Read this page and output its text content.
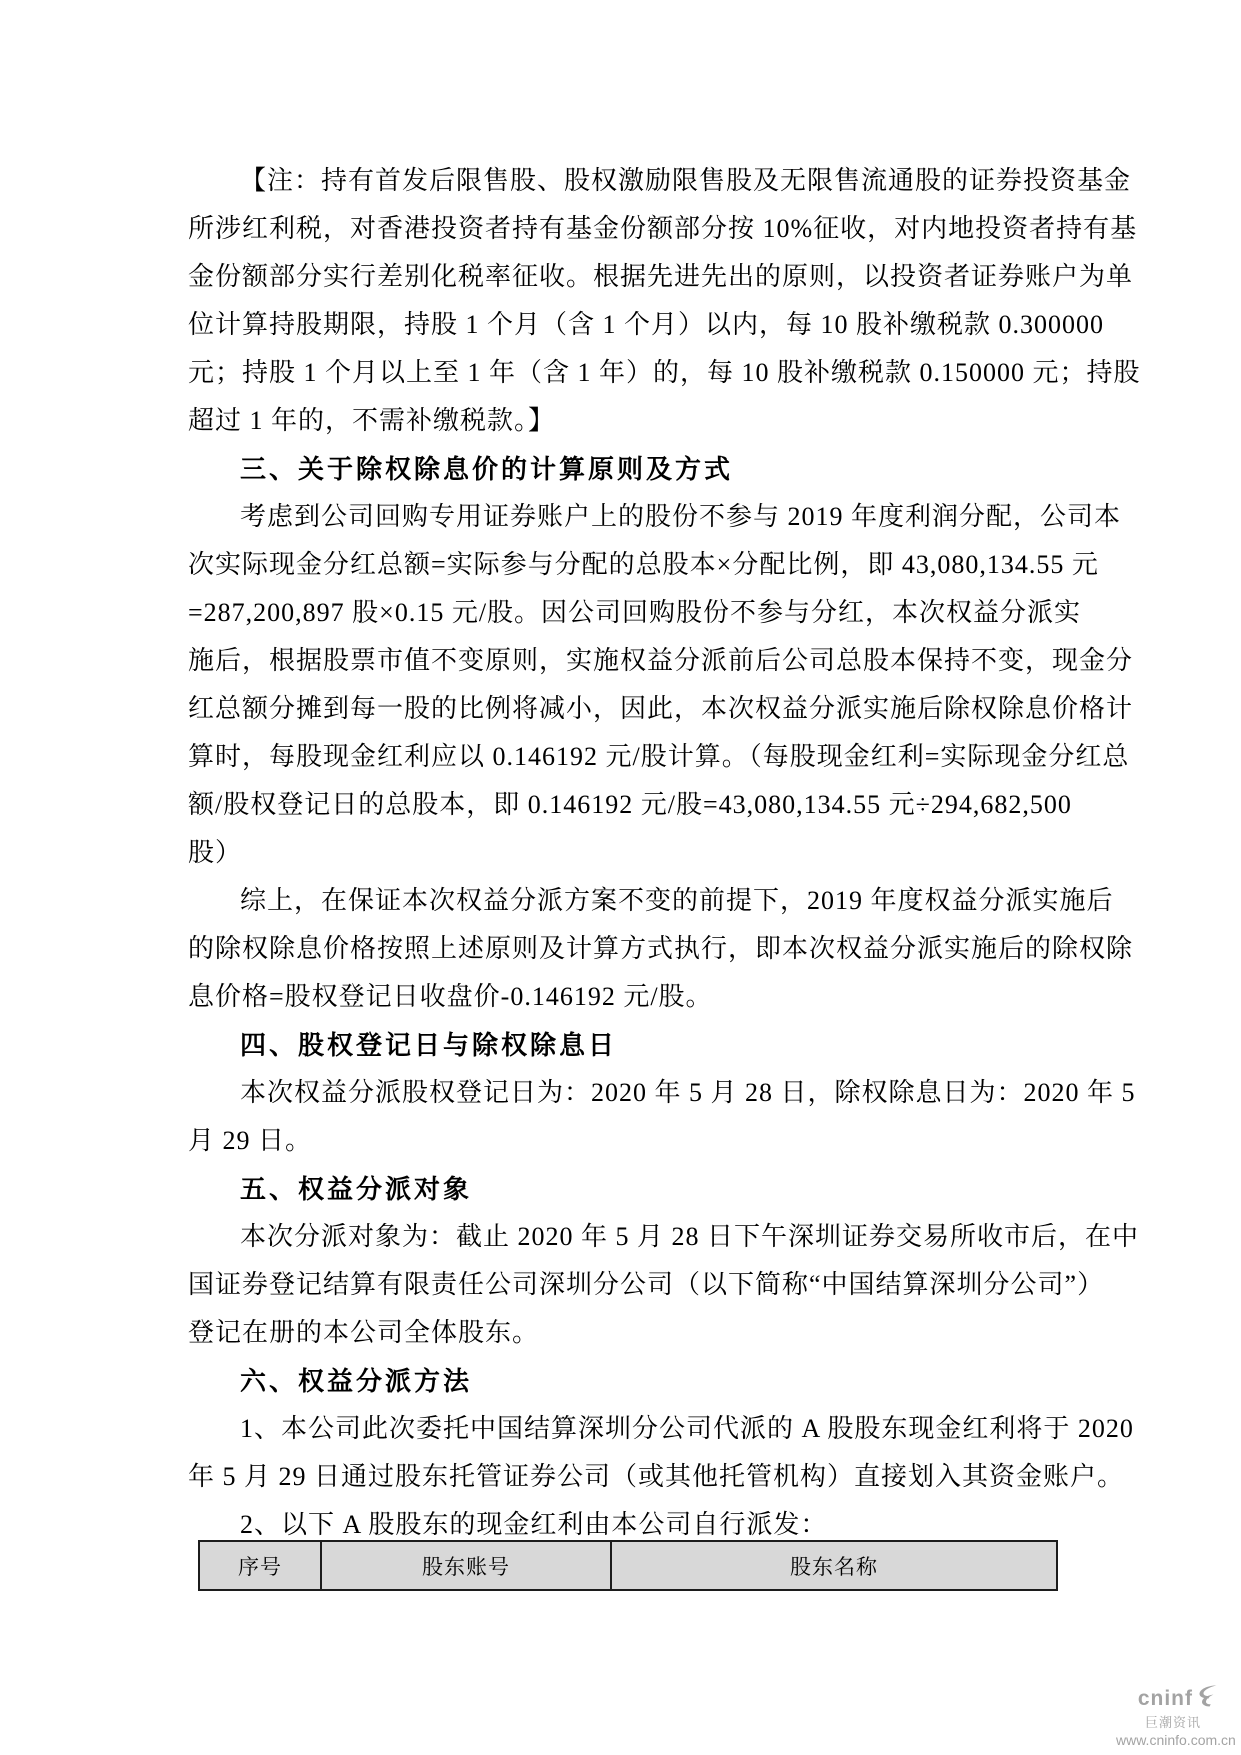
【注：持有首发后限售股、股权激励限售股及无限售流通股的证券投资基金
所涉红利税，对香港投资者持有基金份额部分按 10%征收，对内地投资者持有基
金份额部分实行差别化税率征收。根据先进先出的原则，以投资者证券账户为单
位计算持股期限，持股 1 个月（含 1 个月）以内，每 10 股补缴税款 0.300000
元；持股 1 个月以上至 1 年（含 1 年）的，每 10 股补缴税款 0.150000 元；持股
超过 1 年的，不需补缴税款。】
三、关于除权除息价的计算原则及方式
考虑到公司回购专用证券账户上的股份不参与 2019 年度利润分配，公司本
次实际现金分红总额=实际参与分配的总股本×分配比例，即 43,080,134.55 元
=287,200,897 股×0.15 元/股。因公司回购股份不参与分红，本次权益分派实
施后，根据股票市值不变原则，实施权益分派前后公司总股本保持不变，现金分
红总额分摊到每一股的比例将减小，因此，本次权益分派实施后除权除息价格计
算时，每股现金红利应以 0.146192 元/股计算。（每股现金红利=实际现金分红总
额/股权登记日的总股本，即 0.146192 元/股=43,080,134.55 元÷294,682,500
股）
综上，在保证本次权益分派方案不变的前提下，2019 年度权益分派实施后
的除权除息价格按照上述原则及计算方式执行，即本次权益分派实施后的除权除
息价格=股权登记日收盘价-0.146192 元/股。
四、股权登记日与除权除息日
本次权益分派股权登记日为：2020 年 5 月 28 日，除权除息日为：2020 年 5
月 29 日。
五、权益分派对象
本次分派对象为：截止 2020 年 5 月 28 日下午深圳证券交易所收市后，在中
国证券登记结算有限责任公司深圳分公司（以下简称“中国结算深圳分公司”）
登记在册的本公司全体股东。
六、权益分派方法
1、本公司此次委托中国结算深圳分公司代派的 A 股股东现金红利将于 2020
年 5 月 29 日通过股东托管证券公司（或其他托管机构）直接划入其资金账户。
2、以下 A 股股东的现金红利由本公司自行派发：
序号	股东账号	股东名称
cninf
巨潮资讯
www.cninfo.com.cn
